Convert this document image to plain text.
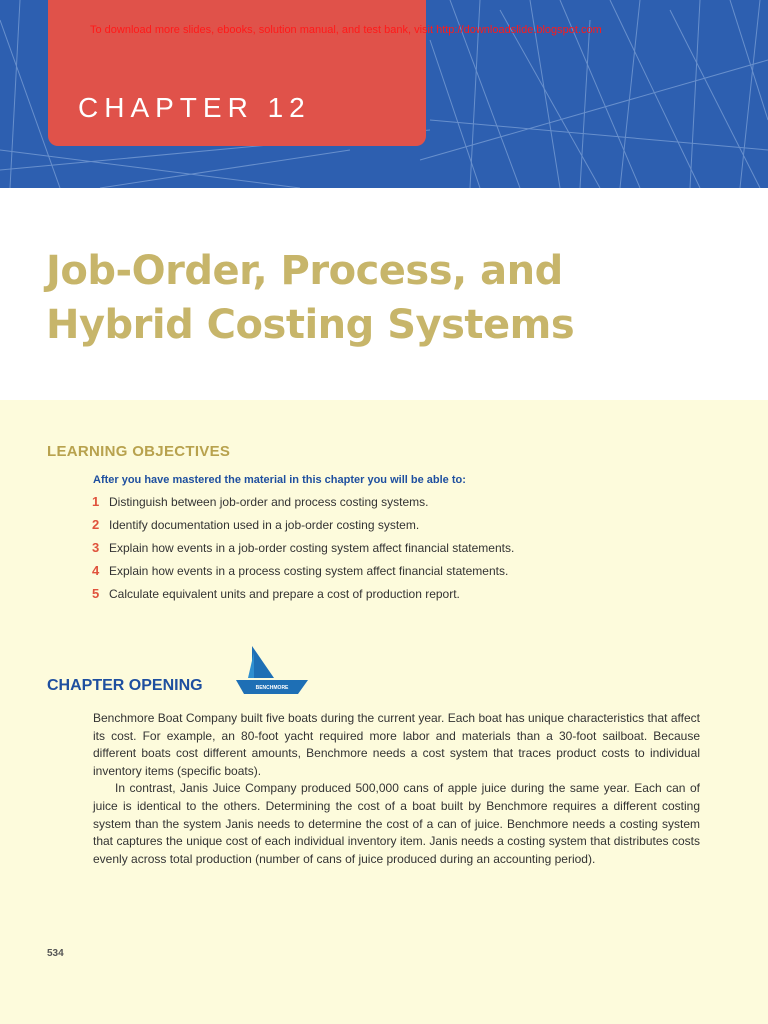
To download more slides, ebooks, solution manual, and test bank, visit http://downloadslide.blogspot.com
CHAPTER 12
Job-Order, Process, and
Hybrid Costing Systems
LEARNING OBJECTIVES
After you have mastered the material in this chapter you will be able to:
1 Distinguish between job-order and process costing systems.
2 Identify documentation used in a job-order costing system.
3 Explain how events in a job-order costing system affect financial statements.
4 Explain how events in a process costing system affect financial statements.
5 Calculate equivalent units and prepare a cost of production report.
CHAPTER OPENING	BENCHMORE

Benchmore Boat Company built five boats during the current year. Each boat has unique characteristics that affect its cost. For example, an 80-foot yacht required more labor and materials than a 30-foot sailboat. Because different boats cost different amounts, Benchmore needs a cost system that traces product costs to individual inventory items (specific boats).

In contrast, Janis Juice Company produced 500,000 cans of apple juice during the same year. Each can of juice is identical to the others. Determining the cost of a boat built by Benchmore requires a different costing system than the system Janis needs to determine the cost of a can of juice. Benchmore needs a costing system that captures the unique cost of each individual inventory item. Janis needs a costing system that distributes costs evenly across total production (number of cans of juice produced during an accounting period).

534
